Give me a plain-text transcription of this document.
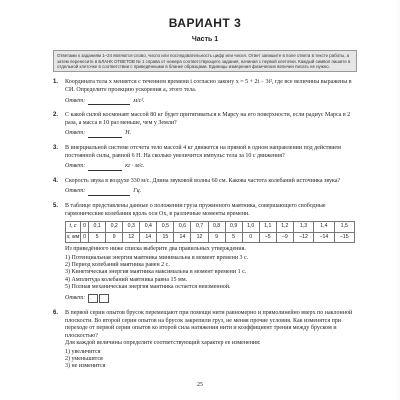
ВАРИАНТ 3
Часть 1
Ответами к заданиям 1–24 являются слово, число или последовательность цифр или чисел. Ответ запишите в поле ответа в тексте работы, а затем перенесите в БЛАНК ОТВЕТОВ № 1 справа от номера соответствующего задания, начиная с первой клеточки. Каждый символ пишите в отдельной клеточке в соответствии с приведёнными в бланке образцами. Единицы измерения физических величин писать не нужно.
1. Координата тела x меняется с течением времени t согласно закону x = 5 + 2t − 3t², где все величины выражены в СИ. Определите проекцию ускорения aₓ этого тела.
Ответ:	м/с².
2. С какой силой космонавт массой 80 кг будет притягиваться к Марсу на его поверхности, если радиус Марса в 2 раза, а масса в 10 раз меньше, чем у Земли?
Ответ:	Н.
3. В инерциальной системе отсчета тело массой 4 кг движется на прямой в одном направлении под действием постоянной силы, равной 6 Н. На сколько увеличится импульс тела за 10 с движения?
Ответ:	кг · м/с.
4. Скорость звука в воздухе 330 м/с. Длина звуковой волны 60 см. Какова частота колебаний источника звука?
Ответ:	Гц.
5. В таблице представлены данные о положении груза пружинного маятника, совершающего свободные гармонические колебания вдоль оси Ox, в различные моменты времени.
t, с	0	0,1	0,2	0,3	0,4	0,5	0,6	0,7	0,8	0,9	1,0	1,1	1,2	1,3	1,4	1,5
x, мм	0	5	9	12	14	15	14	12	9	5	0	−5	−9	−12	−14	−15
Из приведённого ниже списка выберите два правильных утверждения.
1) Потенциальная энергия маятника минимальна в момент времени 3 с.
2) Период колебаний маятника равен 2 с.
3) Кинетическая энергия маятника максимальна в момент времени 1 с.
4) Амплитуда колебаний маятника равна 15 мм.
5) Полная механическая энергия маятника остается неизменной.
Ответ:
6. В первой серии опытов брусок перемещают при помощи нити равномерно и прямолинейно вверх по наклонной плоскости. Во второй серии опытов на брусок закрепили груз, не меняя прочие условия. Как изменятся при переходе от первой серии опытов ко второй сила натяжения нити и коэффициент трения между бруском и плоскостью?
Для каждой величины определите соответствующий характер ее изменения:
1) увеличится
2) уменьшится
3) не изменится
25
